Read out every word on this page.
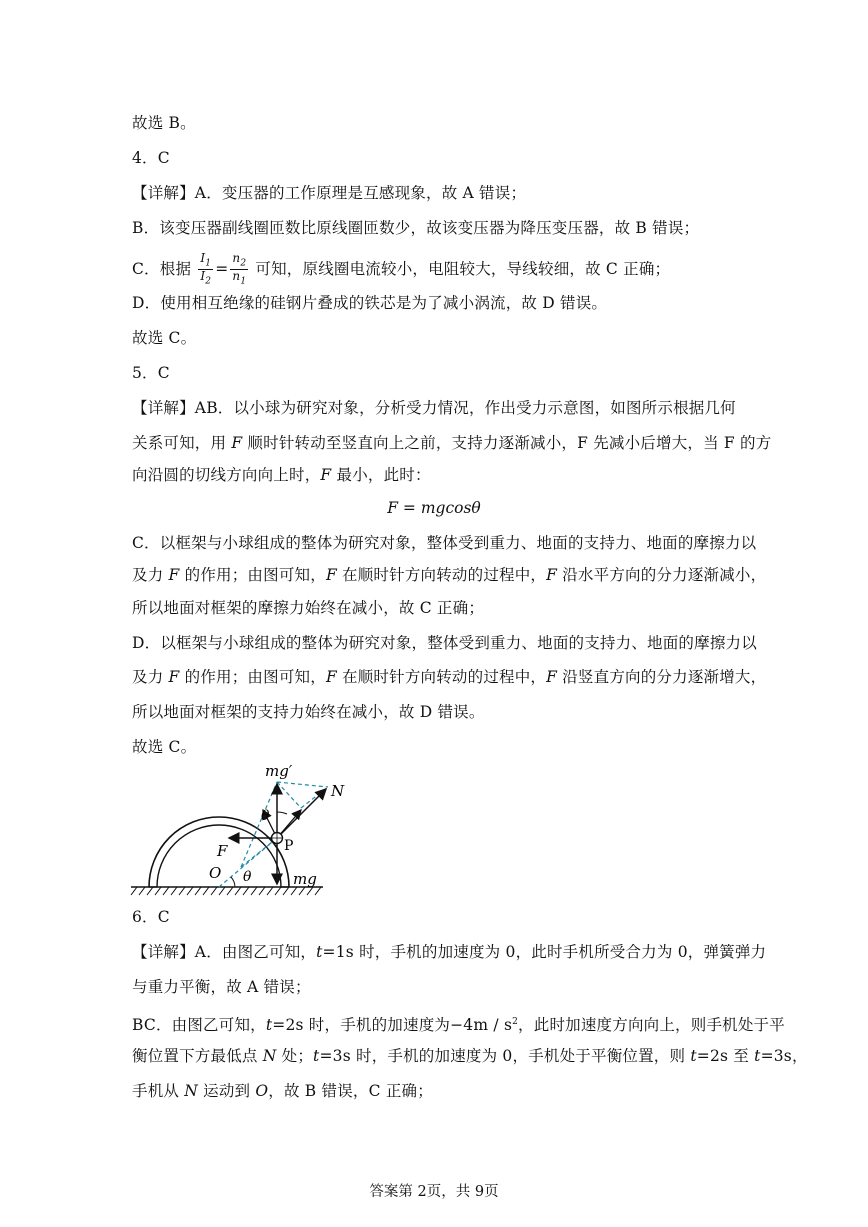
故选 B。
4．C
【详解】A．变压器的工作原理是互感现象，故 A 错误；
B．该变压器副线圈匝数比原线圈匝数少，故该变压器为降压变压器，故 B 错误；
C．根据 $\frac{I_1}{I_2} = \frac{n_2}{n_1}$ 可知，原线圈电流较小，电阻较大，导线较细，故 C 正确；
D．使用相互绝缘的硅钢片叠成的铁芯是为了减小涡流，故 D 错误。
故选 C。
5．C
【详解】AB．以小球为研究对象，分析受力情况，作出受力示意图，如图所示根据几何
关系可知，用 F 顺时针转动至竖直向上之前，支持力逐渐减小，F 先减小后增大，当 F 的方
向沿圆的切线方向向上时，F 最小，此时：
F = mgcosθ
C．以框架与小球组成的整体为研究对象，整体受到重力、地面的支持力、地面的摩擦力以
及力 F 的作用；由图可知，F 在顺时针方向转动的过程中，F 沿水平方向的分力逐渐减小，
所以地面对框架的摩擦力始终在减小，故 C 正确；
D．以框架与小球组成的整体为研究对象，整体受到重力、地面的支持力、地面的摩擦力以
及力 F 的作用；由图可知，F 在顺时针方向转动的过程中，F 沿竖直方向的分力逐渐增大，
所以地面对框架的支持力始终在减小，故 D 错误。
故选 C。
mg′
N
θ
F	P
O θ	mg
6．C
【详解】A．由图乙可知，t=1s 时，手机的加速度为 0，此时手机所受合力为 0，弹簧弹力
与重力平衡，故 A 错误；
BC．由图乙可知，t=2s 时，手机的加速度为$-4m / s^2$，此时加速度方向向上，则手机处于平
衡位置下方最低点 N 处；t=3s 时，手机的加速度为 0，手机处于平衡位置，则 t=2s 至 t=3s，
手机从 N 运动到 O，故 B 错误，C 正确；
答案第 2页，共 9页
